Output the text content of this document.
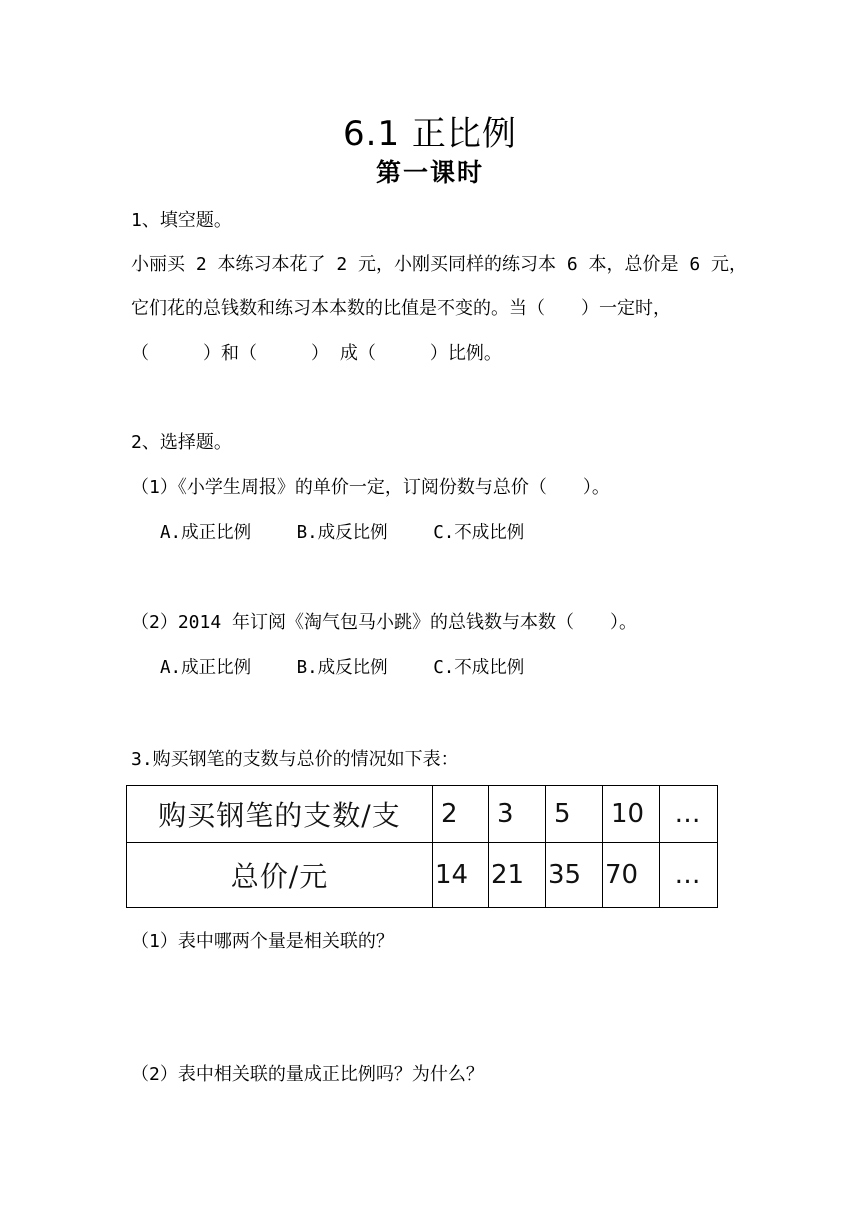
6.1 正比例
第一课时
1、填空题。
小丽买 2 本练习本花了 2 元，小刚买同样的练习本 6 本，总价是 6 元，
它们花的总钱数和练习本本数的比值是不变的。当（　　）一定时，
（　　　）和（　　　） 成（　　　）比例。
2、选择题。
（1）《小学生周报》的单价一定，订阅份数与总价（　　）。
A.成正比例　　 B.成反比例　　 C.不成比例
（2）2014 年订阅《淘气包马小跳》的总钱数与本数（　　）。
A.成正比例　　 B.成反比例　　 C.不成比例
3.购买钢笔的支数与总价的情况如下表：
购买钢笔的支数/支	2	3	5	10	…
总价/元	14	21	35	70	…
（1）表中哪两个量是相关联的？
（2）表中相关联的量成正比例吗？为什么？
